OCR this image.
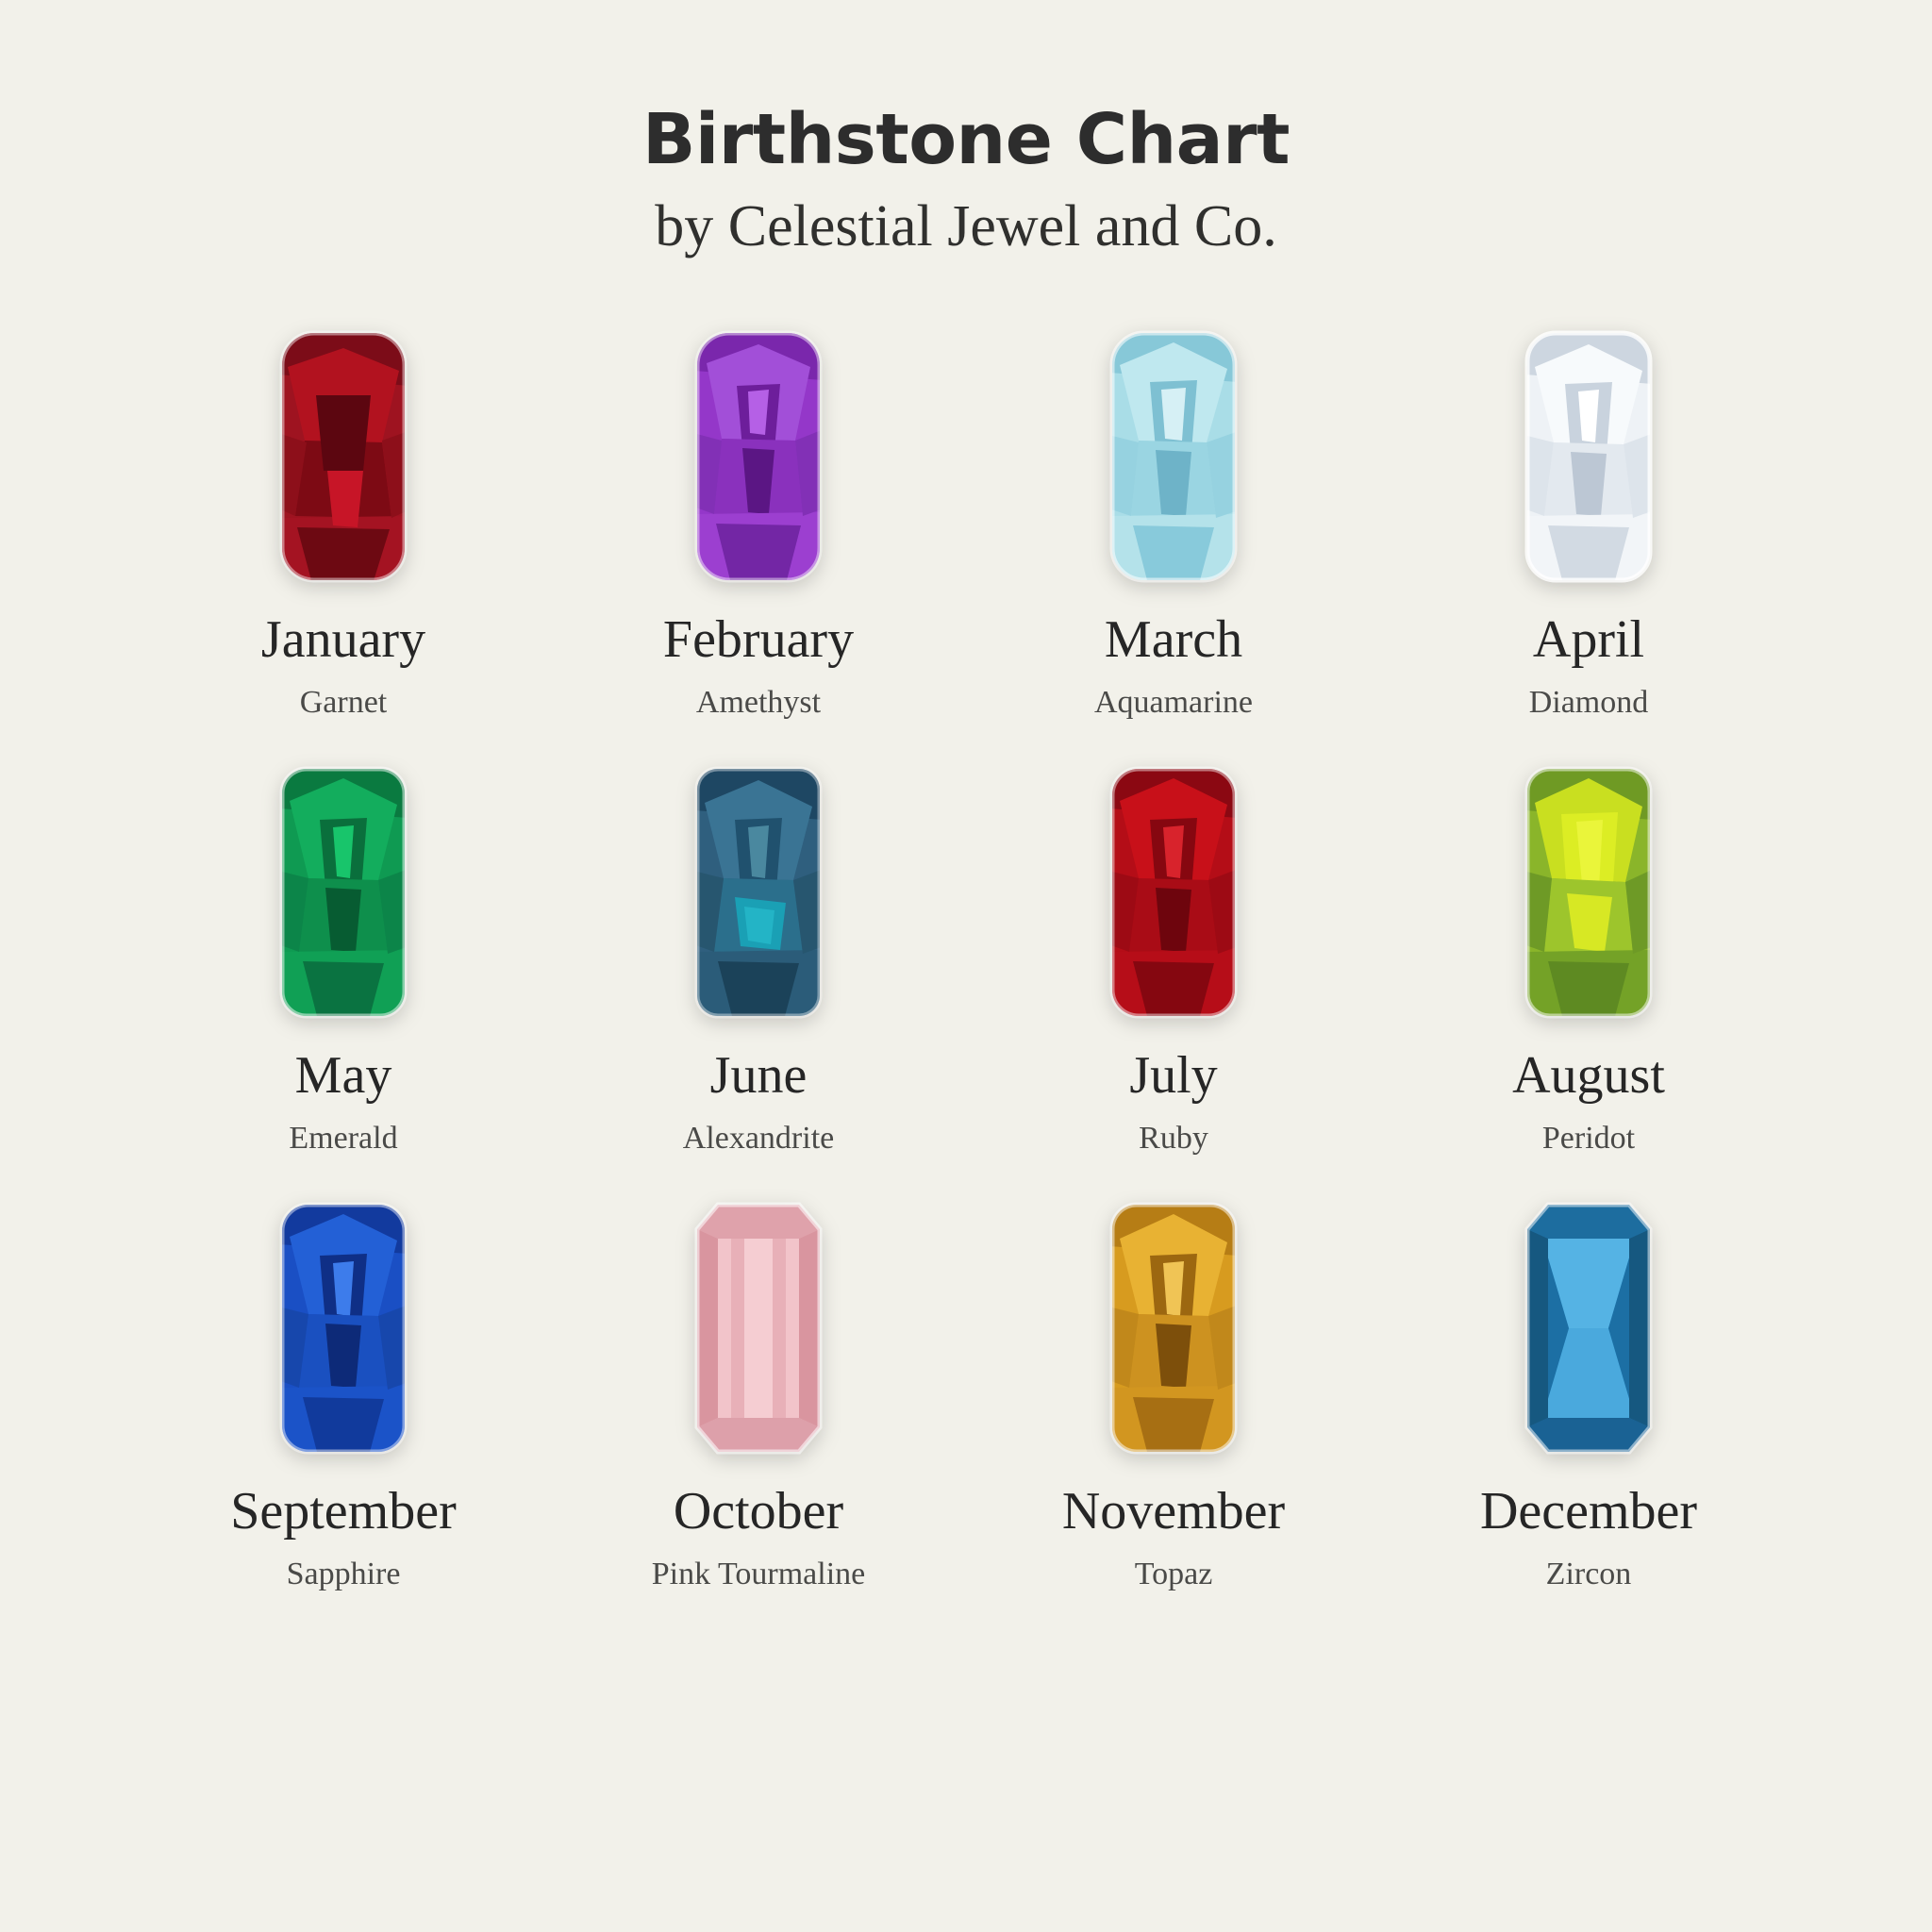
Birthstone Chart
by Celestial Jewel and Co.
January
Garnet
February
Amethyst
March
Aquamarine
April
Diamond
May
Emerald
June
Alexandrite
July
Ruby
August
Peridot
September
Sapphire
October
Pink Tourmaline
November
Topaz
December
Zircon
